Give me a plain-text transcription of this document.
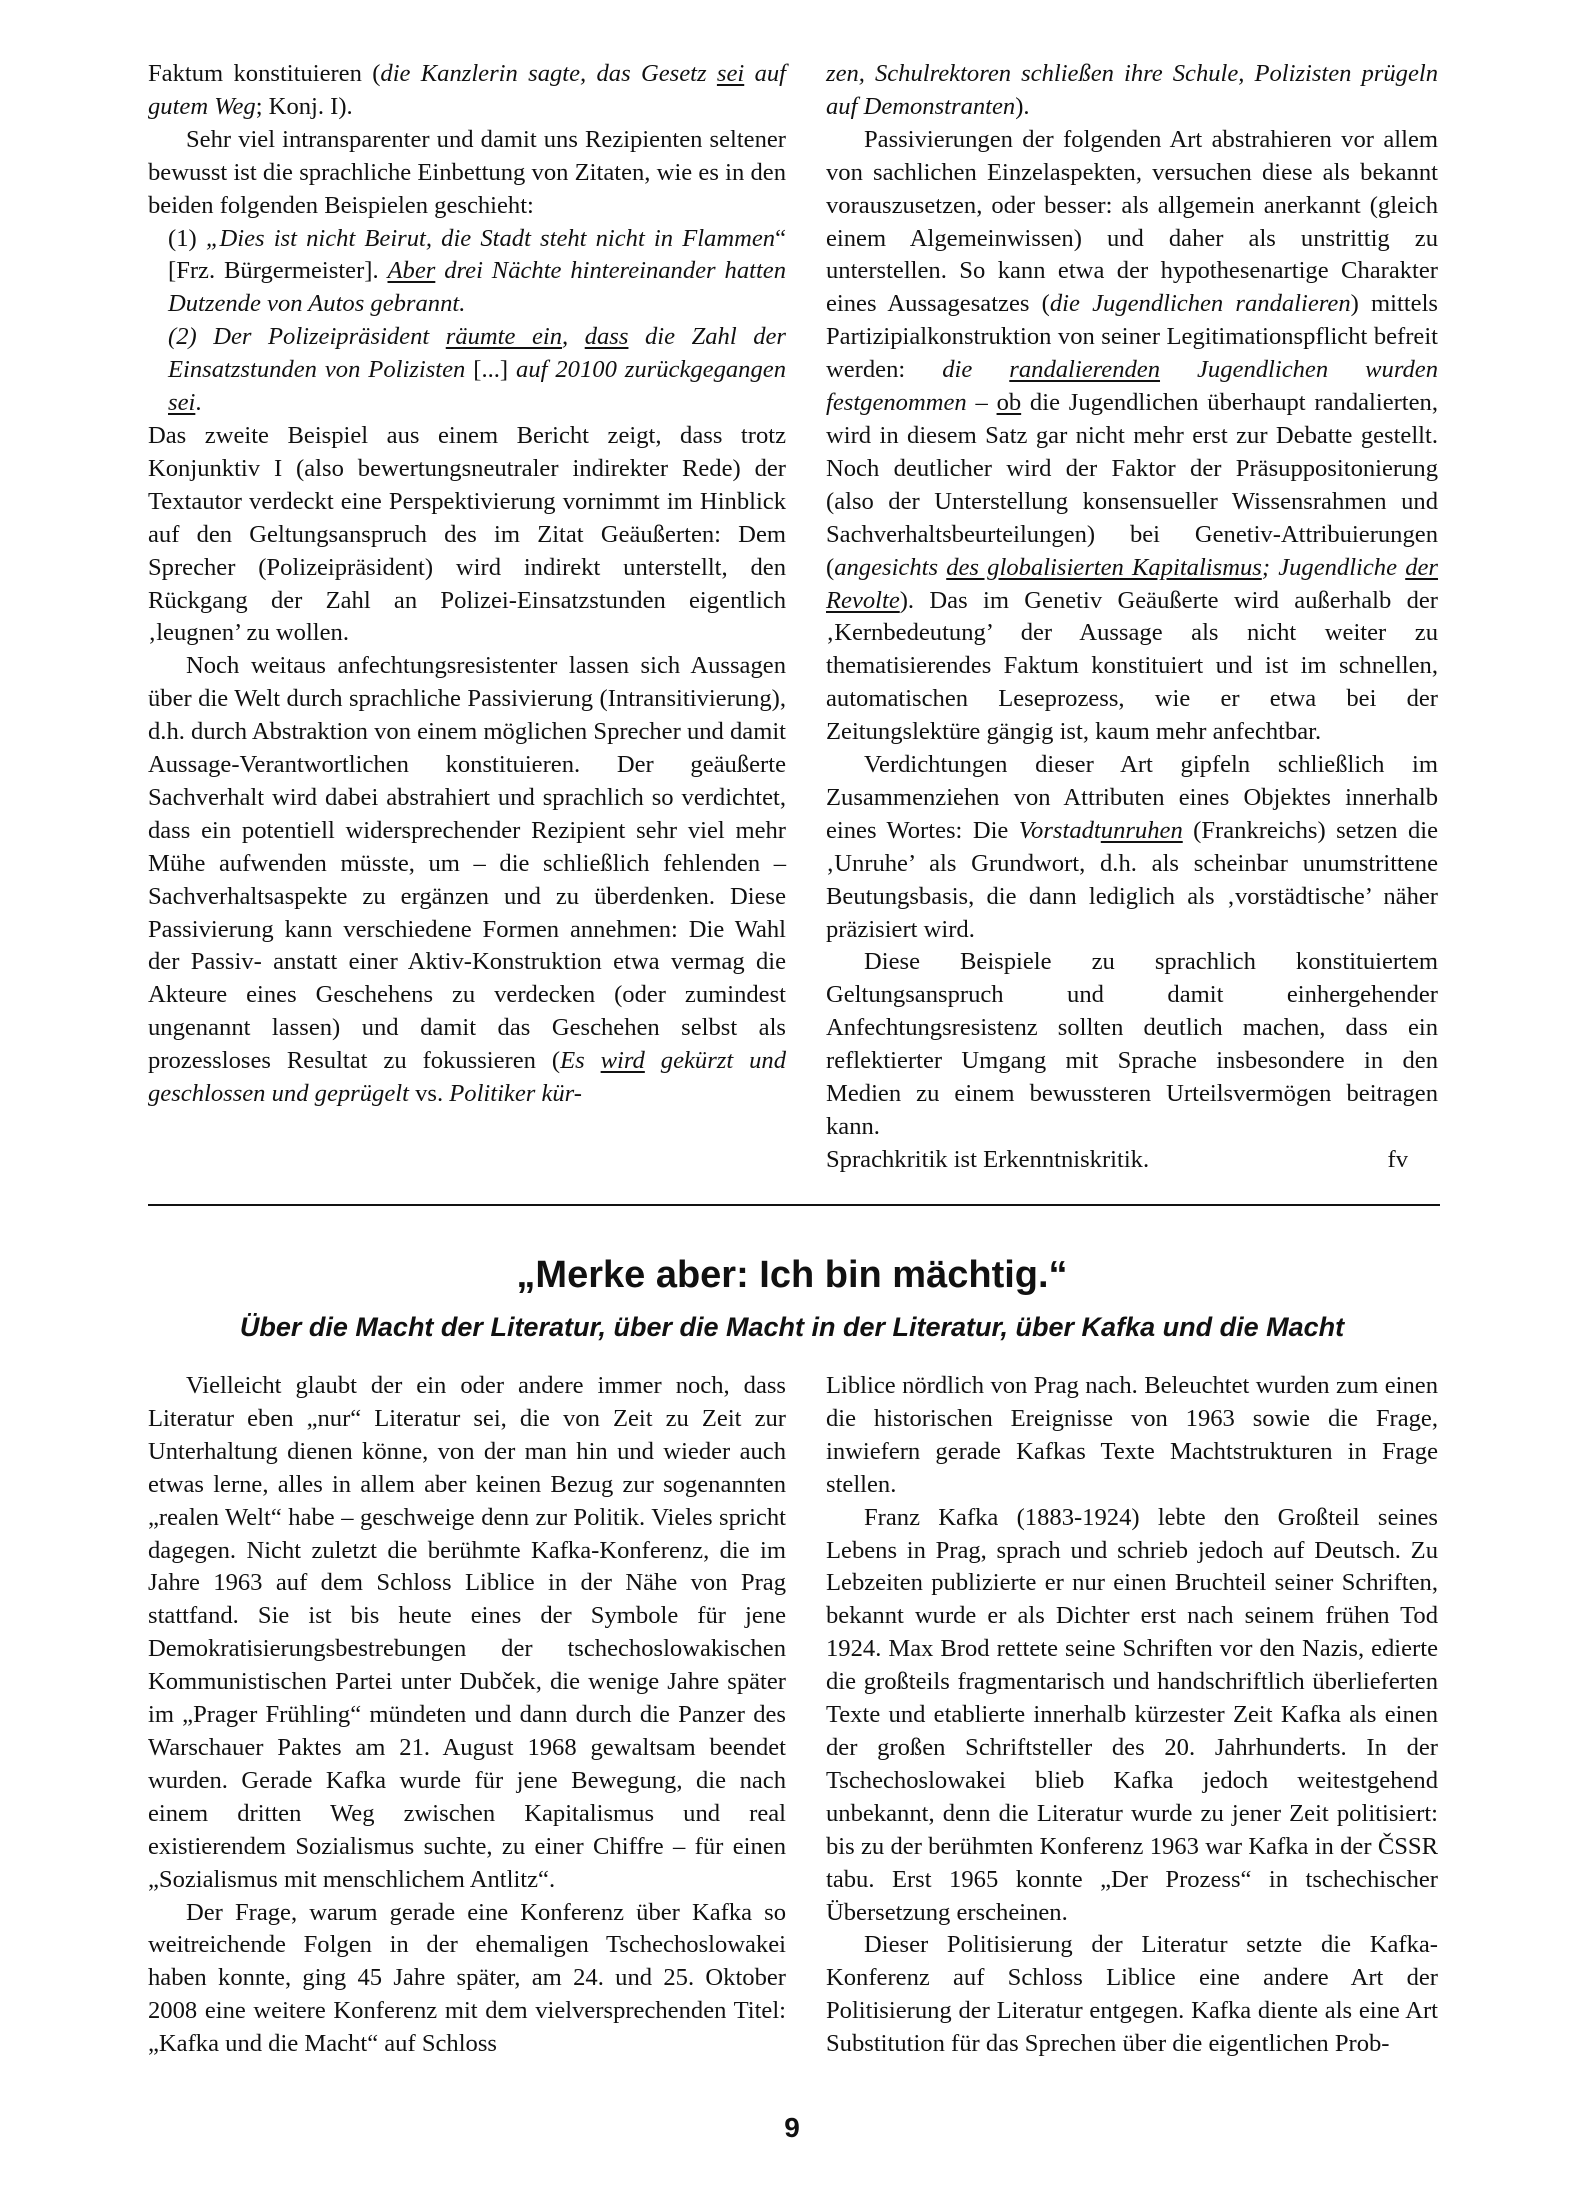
Faktum konstituieren (die Kanzlerin sagte, das Gesetz sei auf gutem Weg; Konj. I).

Sehr viel intransparenter und damit uns Rezipienten seltener bewusst ist die sprachliche Einbettung von Zitaten, wie es in den beiden folgenden Beispielen geschieht:

(1) „Dies ist nicht Beirut, die Stadt steht nicht in Flammen“ [Frz. Bürgermeister]. Aber drei Nächte hintereinander hatten Dutzende von Autos gebrannt.

(2) Der Polizeipräsident räumte ein, dass die Zahl der Einsatzstunden von Polizisten [...] auf 20100 zurückgegangen sei.

Das zweite Beispiel aus einem Bericht zeigt, dass trotz Konjunktiv I (also bewertungsneutraler indirekter Rede) der Textautor verdeckt eine Perspektivierung vornimmt im Hinblick auf den Geltungsanspruch des im Zitat Geäußerten: Dem Sprecher (Polizeipräsident) wird indirekt unterstellt, den Rückgang der Zahl an Polizei-Einsatzstunden eigentlich ‚leugnen’ zu wollen.

Noch weitaus anfechtungsresistenter lassen sich Aussagen über die Welt durch sprachliche Passivierung (Intransitivierung), d.h. durch Abstraktion von einem möglichen Sprecher und damit Aussage-Verantwortlichen konstituieren. Der geäußerte Sachverhalt wird dabei abstrahiert und sprachlich so verdichtet, dass ein potentiell widersprechender Rezipient sehr viel mehr Mühe aufwenden müsste, um – die schließlich fehlenden – Sachverhaltsaspekte zu ergänzen und zu überdenken. Diese Passivierung kann verschiedene Formen annehmen: Die Wahl der Passiv- anstatt einer Aktiv-Konstruktion etwa vermag die Akteure eines Geschehens zu verdecken (oder zumindest ungenannt lassen) und damit das Geschehen selbst als prozessloses Resultat zu fokussieren (Es wird gekürzt und geschlossen und geprügelt vs. Politiker kür-

zen, Schulrektoren schließen ihre Schule, Polizisten prügeln auf Demonstranten).

Passivierungen der folgenden Art abstrahieren vor allem von sachlichen Einzelaspekten, versuchen diese als bekannt vorauszusetzen, oder besser: als allgemein anerkannt (gleich einem Algemeinwissen) und daher als unstrittig zu unterstellen. So kann etwa der hypothesenartige Charakter eines Aussagesatzes (die Jugendlichen randalieren) mittels Partizipialkonstruktion von seiner Legitimationspflicht befreit werden: die randalierenden Jugendlichen wurden festgenommen – ob die Jugendlichen überhaupt randalierten, wird in diesem Satz gar nicht mehr erst zur Debatte gestellt. Noch deutlicher wird der Faktor der Präsuppositonierung (also der Unterstellung konsensueller Wissensrahmen und Sachverhaltsbeurteilungen) bei Genetiv-Attribuierungen (angesichts des globalisierten Kapitalismus; Jugendliche der Revolte). Das im Genetiv Geäußerte wird außerhalb der ‚Kernbedeutung’ der Aussage als nicht weiter zu thematisierendes Faktum konstituiert und ist im schnellen, automatischen Leseprozess, wie er etwa bei der Zeitungslektüre gängig ist, kaum mehr anfechtbar.

Verdichtungen dieser Art gipfeln schließlich im Zusammenziehen von Attributen eines Objektes innerhalb eines Wortes: Die Vorstadtunruhen (Frankreichs) setzen die ‚Unruhe’ als Grundwort, d.h. als scheinbar unumstrittene Beutungsbasis, die dann lediglich als ‚vorstädtische’ näher präzisiert wird.

Diese Beispiele zu sprachlich konstituiertem Geltungsanspruch und damit einhergehender Anfechtungsresistenz sollten deutlich machen, dass ein reflektierter Umgang mit Sprache insbesondere in den Medien zu einem bewussteren Urteilsvermögen beitragen kann.

Sprachkritik ist Erkenntniskritik.	fv

„Merke aber: Ich bin mächtig.“
Über die Macht der Literatur, über die Macht in der Literatur, über Kafka und die Macht

Vielleicht glaubt der ein oder andere immer noch, dass Literatur eben „nur“ Literatur sei, die von Zeit zu Zeit zur Unterhaltung dienen könne, von der man hin und wieder auch etwas lerne, alles in allem aber keinen Bezug zur sogenannten „realen Welt“ habe – geschweige denn zur Politik. Vieles spricht dagegen. Nicht zuletzt die berühmte Kafka-Konferenz, die im Jahre 1963 auf dem Schloss Liblice in der Nähe von Prag stattfand. Sie ist bis heute eines der Symbole für jene Demokratisierungsbestrebungen der tschechoslowakischen Kommunistischen Partei unter Dubček, die wenige Jahre später im „Prager Frühling“ mündeten und dann durch die Panzer des Warschauer Paktes am 21. August 1968 gewaltsam beendet wurden. Gerade Kafka wurde für jene Bewegung, die nach einem dritten Weg zwischen Kapitalismus und real existierendem Sozialismus suchte, zu einer Chiffre – für einen „Sozialismus mit menschlichem Antlitz“.

Der Frage, warum gerade eine Konferenz über Kafka so weitreichende Folgen in der ehemaligen Tschechoslowakei haben konnte, ging 45 Jahre später, am 24. und 25. Oktober 2008 eine weitere Konferenz mit dem vielversprechenden Titel: „Kafka und die Macht“ auf Schloss

Liblice nördlich von Prag nach. Beleuchtet wurden zum einen die historischen Ereignisse von 1963 sowie die Frage, inwiefern gerade Kafkas Texte Machtstrukturen in Frage stellen.

Franz Kafka (1883-1924) lebte den Großteil seines Lebens in Prag, sprach und schrieb jedoch auf Deutsch. Zu Lebzeiten publizierte er nur einen Bruchteil seiner Schriften, bekannt wurde er als Dichter erst nach seinem frühen Tod 1924. Max Brod rettete seine Schriften vor den Nazis, edierte die großteils fragmentarisch und handschriftlich überlieferten Texte und etablierte innerhalb kürzester Zeit Kafka als einen der großen Schriftsteller des 20. Jahrhunderts. In der Tschechoslowakei blieb Kafka jedoch weitestgehend unbekannt, denn die Literatur wurde zu jener Zeit politisiert: bis zu der berühmten Konferenz 1963 war Kafka in der ČSSR tabu. Erst 1965 konnte „Der Prozess“ in tschechischer Übersetzung erscheinen.

Dieser Politisierung der Literatur setzte die Kafka-Konferenz auf Schloss Liblice eine andere Art der Politisierung der Literatur entgegen. Kafka diente als eine Art Substitution für das Sprechen über die eigentlichen Prob-

9
